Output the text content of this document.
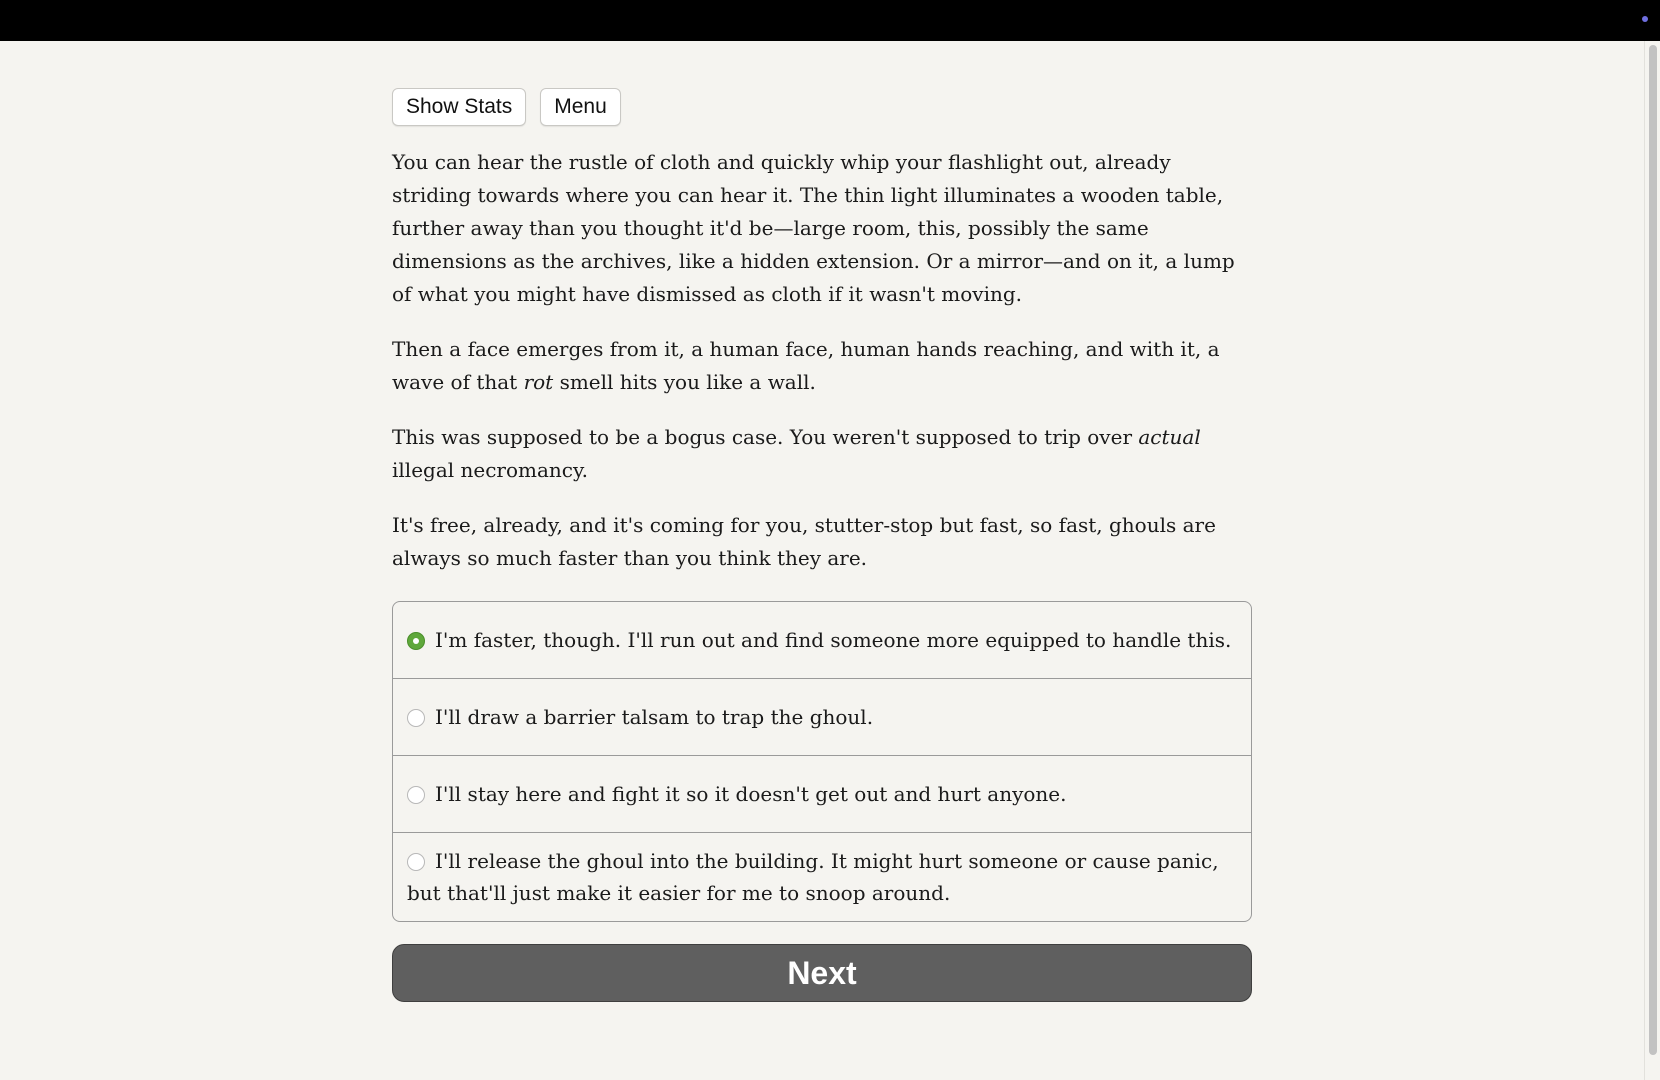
Show Stats	Menu

You can hear the rustle of cloth and quickly whip your flashlight out, already striding towards where you can hear it. The thin light illuminates a wooden table, further away than you thought it'd be—large room, this, possibly the same dimensions as the archives, like a hidden extension. Or a mirror—and on it, a lump of what you might have dismissed as cloth if it wasn't moving.

Then a face emerges from it, a human face, human hands reaching, and with it, a wave of that rot smell hits you like a wall.

This was supposed to be a bogus case. You weren't supposed to trip over actual illegal necromancy.

It's free, already, and it's coming for you, stutter-stop but fast, so fast, ghouls are always so much faster than you think they are.

I'm faster, though. I'll run out and find someone more equipped to handle this.
I'll draw a barrier talsam to trap the ghoul.
I'll stay here and fight it so it doesn't get out and hurt anyone.
I'll release the ghoul into the building. It might hurt someone or cause panic, but that'll just make it easier for me to snoop around.
Next
